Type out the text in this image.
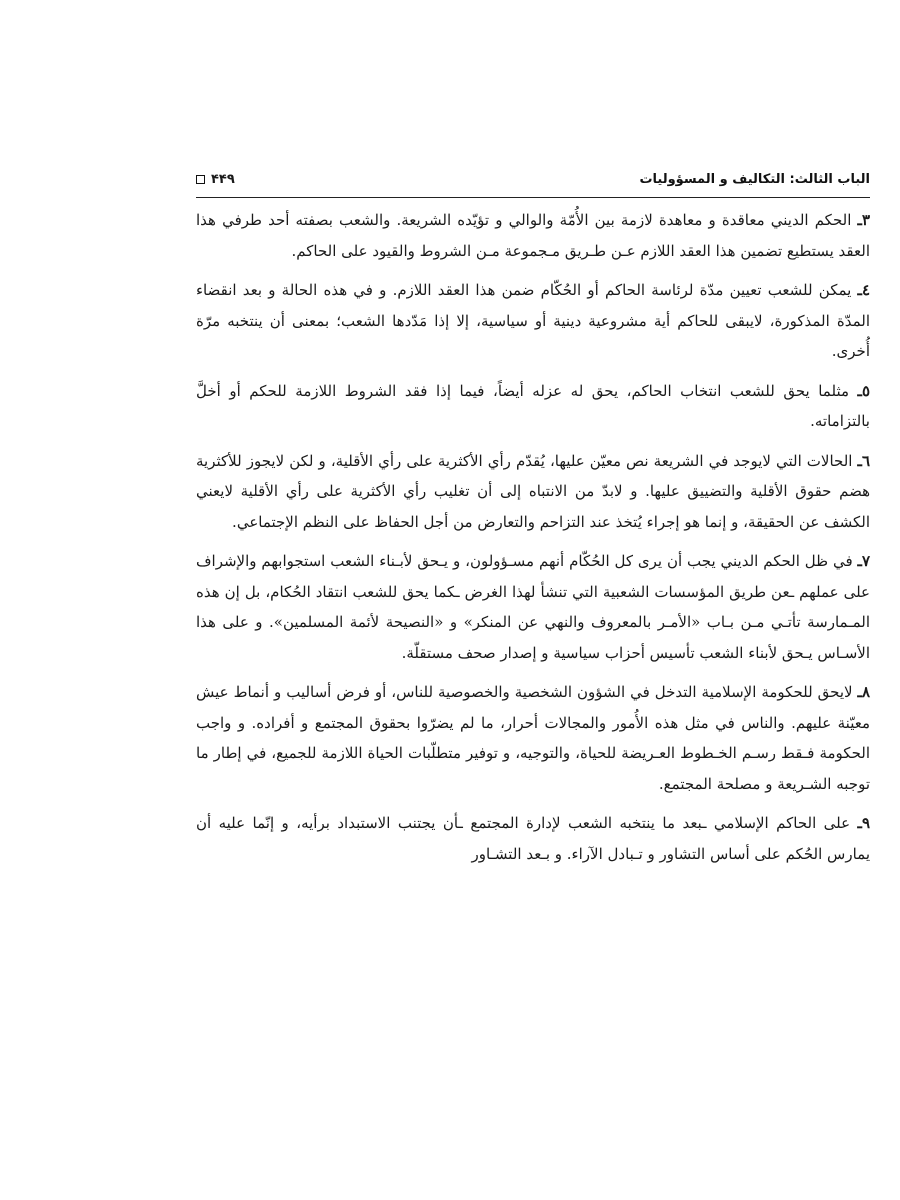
الباب الثالث: التكاليف و المسؤوليات
۴۴۹

۳ـ الحكم الديني معاقدة و معاهدة لازمة بين الأُمّة والوالي و تؤيّده الشريعة. والشعب بصفته أحد طرفي هذا العقد يستطيع تضمين هذا العقد اللازم عـن طـريق مـجموعة مـن الشروط والقيود على الحاكم.

٤ـ يمكن للشعب تعيين مدّة لرئاسة الحاكم أو الحُكّام ضمن هذا العقد اللازم. و في هذه الحالة و بعد انقضاء المدّة المذكورة، لايبقى للحاكم أية مشروعية دينية أو سياسية، إلا إذا مَدّدها الشعب؛ بمعنى أن ينتخبه مرّة أُخرى.

٥ـ مثلما يحق للشعب انتخاب الحاكم، يحق له عزله أيضاً، فيما إذا فقد الشروط اللازمة للحكم أو أخلَّ بالتزاماته.

٦ـ الحالات التي لايوجد في الشريعة نص معيّن عليها، يُقدّم رأي الأكثرية على رأي الأقلية، و لكن لايجوز للأكثرية هضم حقوق الأقلية والتضييق عليها. و لابدّ من الانتباه إلى أن تغليب رأي الأكثرية على رأي الأقلية لايعني الكشف عن الحقيقة، و إنما هو إجراء يُتخذ عند التزاحم والتعارض من أجل الحفاظ على النظم الإجتماعي.

٧ـ في ظل الحكم الديني يجب أن يرى كل الحُكّام أنهم مسـؤولون، و يـحق لأبـناء الشعب استجوابهم والإشراف على عملهم ـعن طريق المؤسسات الشعبية التي تنشأ لهذا الغرض ـكما يحق للشعب انتقاد الحُكام، بل إن هذه المـمارسة تأتـي مـن بـاب «الأمـر بالمعروف والنهي عن المنكر» و «النصيحة لأئمة المسلمين». و على هذا الأسـاس يـحق لأبناء الشعب تأسيس أحزاب سياسية و إصدار صحف مستقلّة.

٨ـ لايحق للحكومة الإسلامية التدخل في الشؤون الشخصية والخصوصية للناس، أو فرض أساليب و أنماط عيش معيّنة عليهم. والناس في مثل هذه الأُمور والمجالات أحرار، ما لم يضرّوا بحقوق المجتمع و أفراده. و واجب الحكومة فـقط رسـم الخـطوط العـريضة للحياة، والتوجيه، و توفير متطلّبات الحياة اللازمة للجميع، في إطار ما توجبه الشـريعة و مصلحة المجتمع.

٩ـ على الحاكم الإسلامي ـبعد ما ينتخبه الشعب لإدارة المجتمع ـأن يجتنب الاستبداد برأيه، و إنّما عليه أن يمارس الحُكم على أساس التشاور و تـبادل الآراء. و بـعد التشـاور
